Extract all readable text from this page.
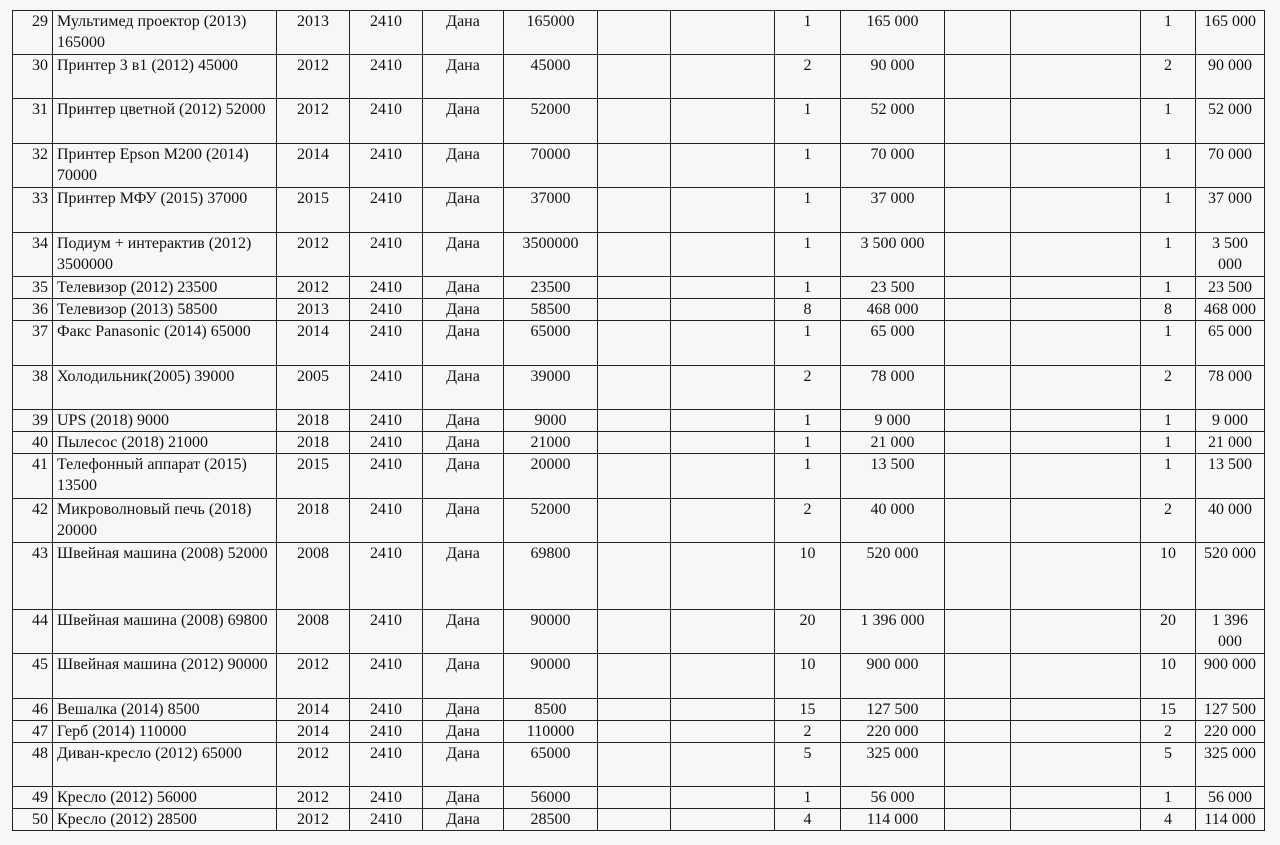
29	Мультимед проектор (2013) 165000	2013	2410	Дана	165000			1	165 000			1	165 000
30	Принтер 3 в1 (2012) 45000	2012	2410	Дана	45000			2	90 000			2	90 000
31	Принтер цветной (2012) 52000	2012	2410	Дана	52000			1	52 000			1	52 000
32	Принтер Epson M200 (2014) 70000	2014	2410	Дана	70000			1	70 000			1	70 000
33	Принтер МФУ (2015) 37000	2015	2410	Дана	37000			1	37 000			1	37 000
34	Подиум + интерактив (2012) 3500000	2012	2410	Дана	3500000			1	3 500 000			1	3 500 000
35	Телевизор (2012) 23500	2012	2410	Дана	23500			1	23 500			1	23 500
36	Телевизор (2013) 58500	2013	2410	Дана	58500			8	468 000			8	468 000
37	Факс Panasonic (2014) 65000	2014	2410	Дана	65000			1	65 000			1	65 000
38	Холодильник(2005) 39000	2005	2410	Дана	39000			2	78 000			2	78 000
39	UPS (2018) 9000	2018	2410	Дана	9000			1	9 000			1	9 000
40	Пылесос (2018) 21000	2018	2410	Дана	21000			1	21 000			1	21 000
41	Телефонный аппарат (2015) 13500	2015	2410	Дана	20000			1	13 500			1	13 500
42	Микроволновый печь (2018) 20000	2018	2410	Дана	52000			2	40 000			2	40 000
43	Швейная машина (2008) 52000	2008	2410	Дана	69800			10	520 000			10	520 000
44	Швейная машина (2008) 69800	2008	2410	Дана	90000			20	1 396 000			20	1 396 000
45	Швейная машина (2012) 90000	2012	2410	Дана	90000			10	900 000			10	900 000
46	Вешалка (2014) 8500	2014	2410	Дана	8500			15	127 500			15	127 500
47	Герб (2014) 110000	2014	2410	Дана	110000			2	220 000			2	220 000
48	Диван-кресло (2012) 65000	2012	2410	Дана	65000			5	325 000			5	325 000
49	Кресло (2012) 56000	2012	2410	Дана	56000			1	56 000			1	56 000
50	Кресло (2012) 28500	2012	2410	Дана	28500			4	114 000			4	114 000
